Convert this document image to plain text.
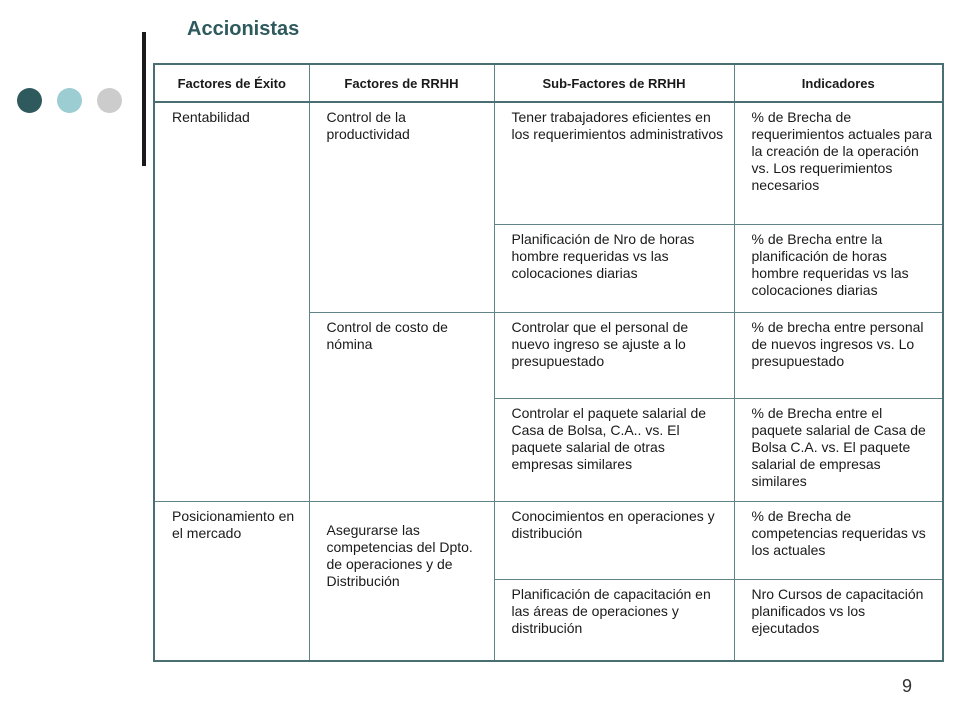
Accionistas
Factores de Éxito	Factores de RRHH	Sub-Factores de RRHH	Indicadores
Rentabilidad	Control de la productividad	Tener trabajadores eficientes en los requerimientos administrativos	% de Brecha de requerimientos actuales para la creación de la operación vs. Los requerimientos necesarios
		Planificación de Nro de horas hombre requeridas vs las colocaciones diarias	% de Brecha entre la planificación de horas hombre requeridas vs las colocaciones diarias
	Control de costo de nómina	Controlar que el personal de nuevo ingreso se ajuste a lo presupuestado	% de brecha entre personal de nuevos ingresos vs. Lo presupuestado
		Controlar el paquete salarial de Casa de Bolsa, C.A.. vs. El paquete salarial de otras empresas similares	% de Brecha entre el paquete salarial de Casa de Bolsa C.A. vs. El paquete salarial de empresas similares
Posicionamiento en el mercado	Asegurarse las competencias del Dpto. de operaciones y de Distribución	Conocimientos en operaciones y distribución	% de Brecha de competencias requeridas vs los actuales
		Planificación de capacitación en las áreas de operaciones y distribución	Nro Cursos de capacitación planificados vs los ejecutados
9
